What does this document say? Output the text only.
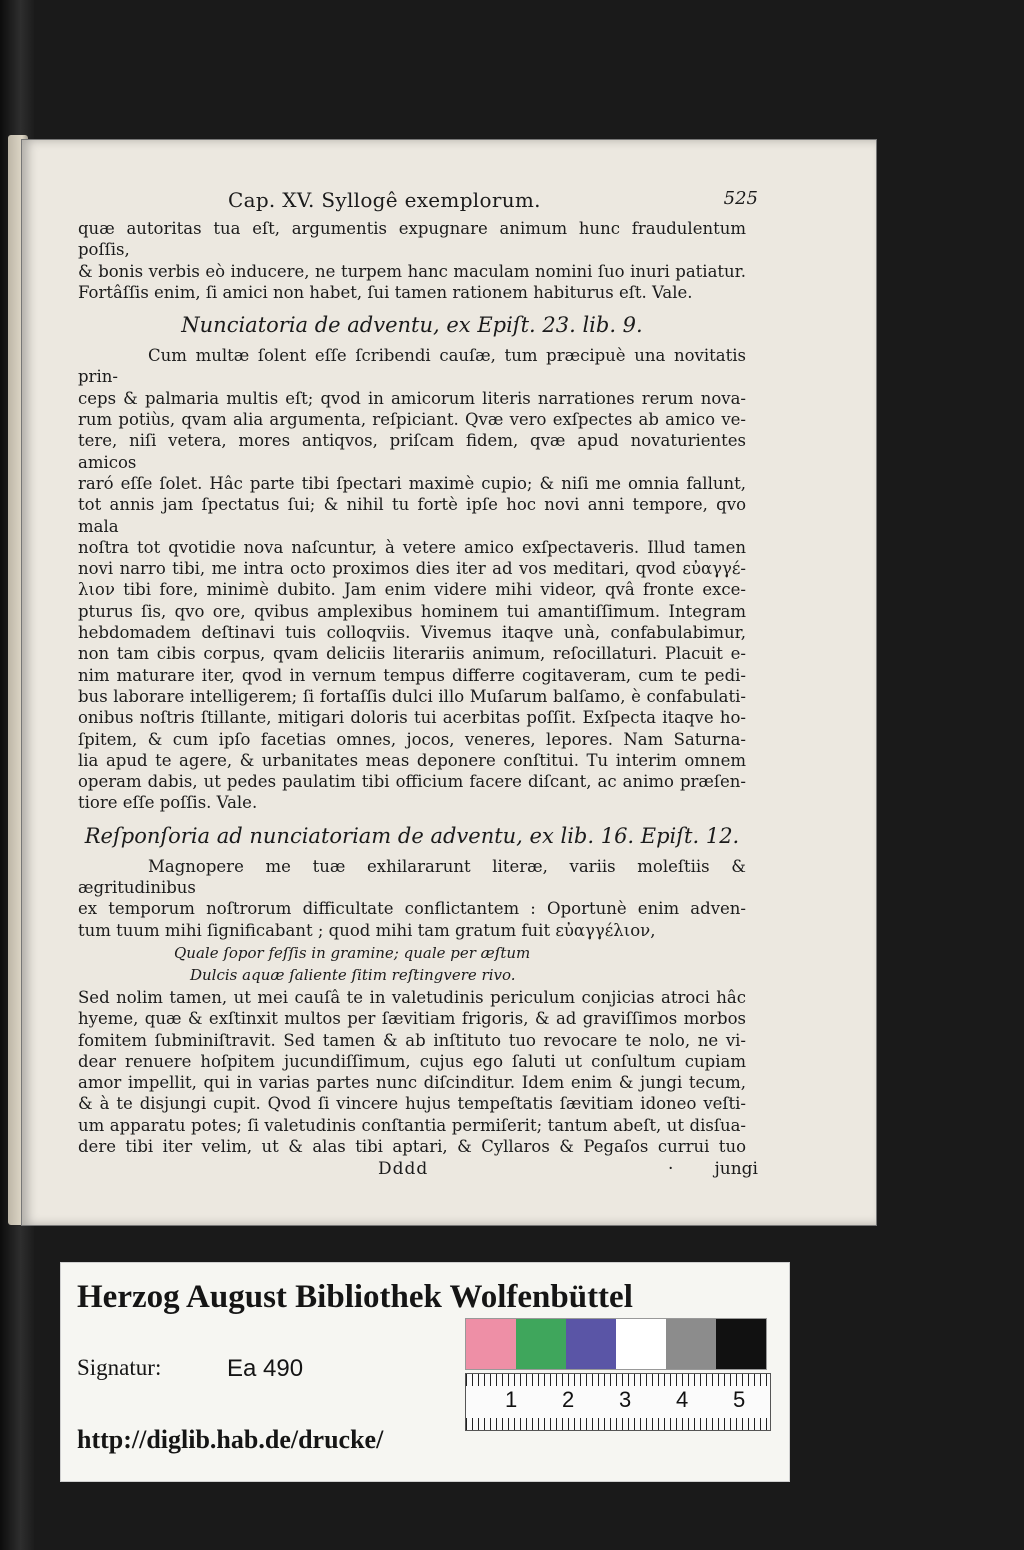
Cap. XV. Syllogê exemplorum.	525

quæ autoritas tua eſt, argumentis expugnare animum hunc fraudulentum poſſis,

& bonis verbis eò inducere, ne turpem hanc maculam nomini ſuo inuri patiatur.

Fortâſſis enim, ſi amici non habet, ſui tamen rationem habiturus eſt. Vale.

Nunciatoria de adventu, ex Epiſt. 23. lib. 9.

Cum multæ ſolent eſſe ſcribendi cauſæ, tum præcipuè una novitatis prin-

ceps & palmaria multis eſt; qvod in amicorum literis narrationes rerum nova-

rum potiùs, qvam alia argumenta, reſpiciant. Qvæ vero exſpectes ab amico ve-

tere, niſi vetera, mores antiqvos, priſcam fidem, qvæ apud novaturientes amicos

raró eſſe ſolet. Hâc parte tibi ſpectari maximè cupio; & niſi me omnia fallunt,

tot annis jam ſpectatus ſui; & nihil tu fortè ipſe hoc novi anni tempore, qvo mala

noſtra tot qvotidie nova naſcuntur, à vetere amico exſpectaveris. Illud tamen

novi narro tibi, me intra octo proximos dies iter ad vos meditari, qvod εὐαγγέ-

λιον tibi fore, minimè dubito. Jam enim videre mihi videor, qvâ fronte exce-

pturus ſis, qvo ore, qvibus amplexibus hominem tui amantiſſimum. Integram

hebdomadem deſtinavi tuis colloqviis. Vivemus itaqve unà, confabulabimur,

non tam cibis corpus, qvam deliciis literariis animum, reſocillaturi. Placuit e-

nim maturare iter, qvod in vernum tempus differre cogitaveram, cum te pedi-

bus laborare intelligerem; ſi fortaſſis dulci illo Muſarum balſamo, è confabulati-

onibus noſtris ſtillante, mitigari doloris tui acerbitas poſſit. Exſpecta itaqve ho-

ſpitem, & cum ipſo facetias omnes, jocos, veneres, lepores. Nam Saturna-

lia apud te agere, & urbanitates meas deponere conſtitui. Tu interim omnem

operam dabis, ut pedes paulatim tibi officium facere diſcant, ac animo præſen-

tiore eſſe poſſis. Vale.

Reſponſoria ad nunciatoriam de adventu, ex lib. 16. Epiſt. 12.

Magnopere me tuæ exhilararunt literæ, variis moleſtiis & ægritudinibus

ex temporum noſtrorum difficultate conflictantem : Oportunè enim adven-

tum tuum mihi ſignificabant ; quod mihi tam gratum fuit εὐαγγέλιον,

Quale ſopor feſſis in gramine; quale per æſtum
Dulcis aquæ ſaliente ſitim reſtingvere rivo.

Sed nolim tamen, ut mei cauſâ te in valetudinis periculum conjicias atroci hâc

hyeme, quæ & exſtinxit multos per ſævitiam frigoris, & ad graviſſimos morbos

fomitem ſubminiſtravit. Sed tamen & ab inſtituto tuo revocare te nolo, ne vi-

dear renuere hoſpitem jucundiſſimum, cujus ego ſaluti ut conſultum cupiam

amor impellit, qui in varias partes nunc diſcinditur. Idem enim & jungi tecum,

& à te disjungi cupit. Qvod ſi vincere hujus tempeſtatis ſævitiam idoneo veſti-

um apparatu potes; ſi valetudinis conſtantia permiſerit; tantum abeſt, ut disſua-

dere tibi iter velim, ut & alas tibi aptari, & Cyllaros & Pegaſos currui tuo

Dddd	· jungi
Herzog August Bibliothek Wolfenbüttel
Signatur:	Ea 490
http://diglib.hab.de/drucke/
1 2 3 4 5
